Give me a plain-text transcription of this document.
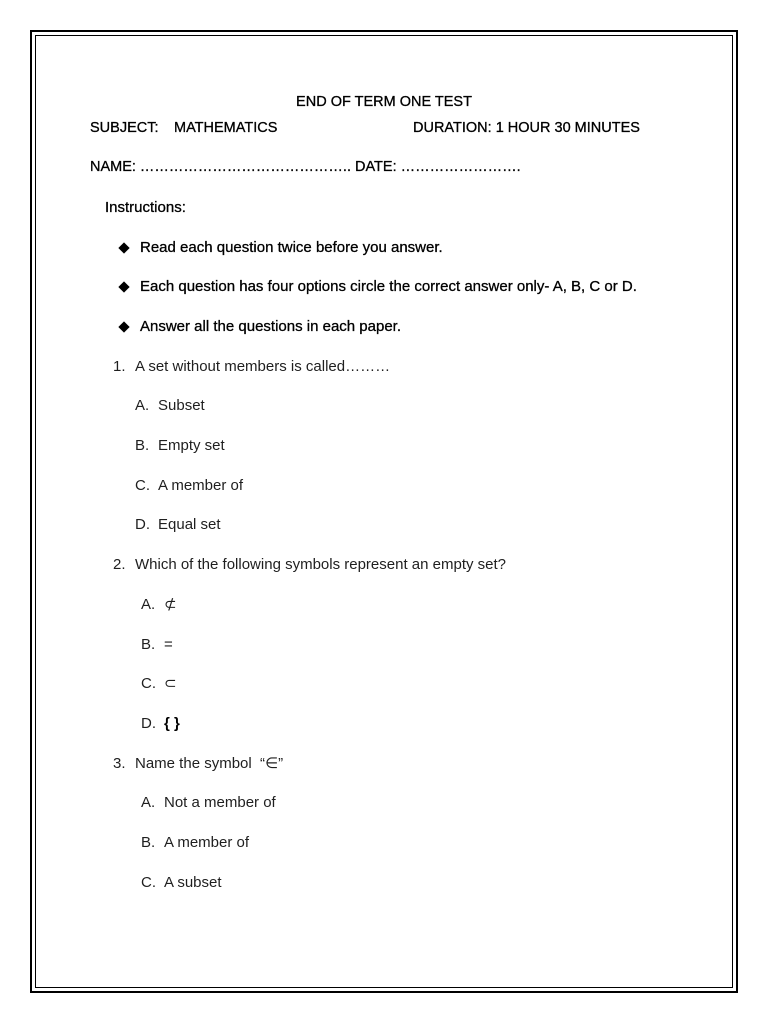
END OF TERM ONE TEST

SUBJECT:

MATHEMATICS

	DURATION: 1 HOUR 30 MINUTES

NAME: …………………………………….. DATE: …………………….
Instructions:
Read each question twice before you answer.
Each question has four options circle the correct answer only- A, B, C or D.
Answer all the questions in each paper.
1. A set without members is called………
A. Subset
B. Empty set
C. A member of
D. Equal set
2. Which of the following symbols represent an empty set?
A. ⊄
B. =
C. ⊂
D. { }
3. Name the symbol  “∈”
A. Not a member of
B. A member of
C. A subset
